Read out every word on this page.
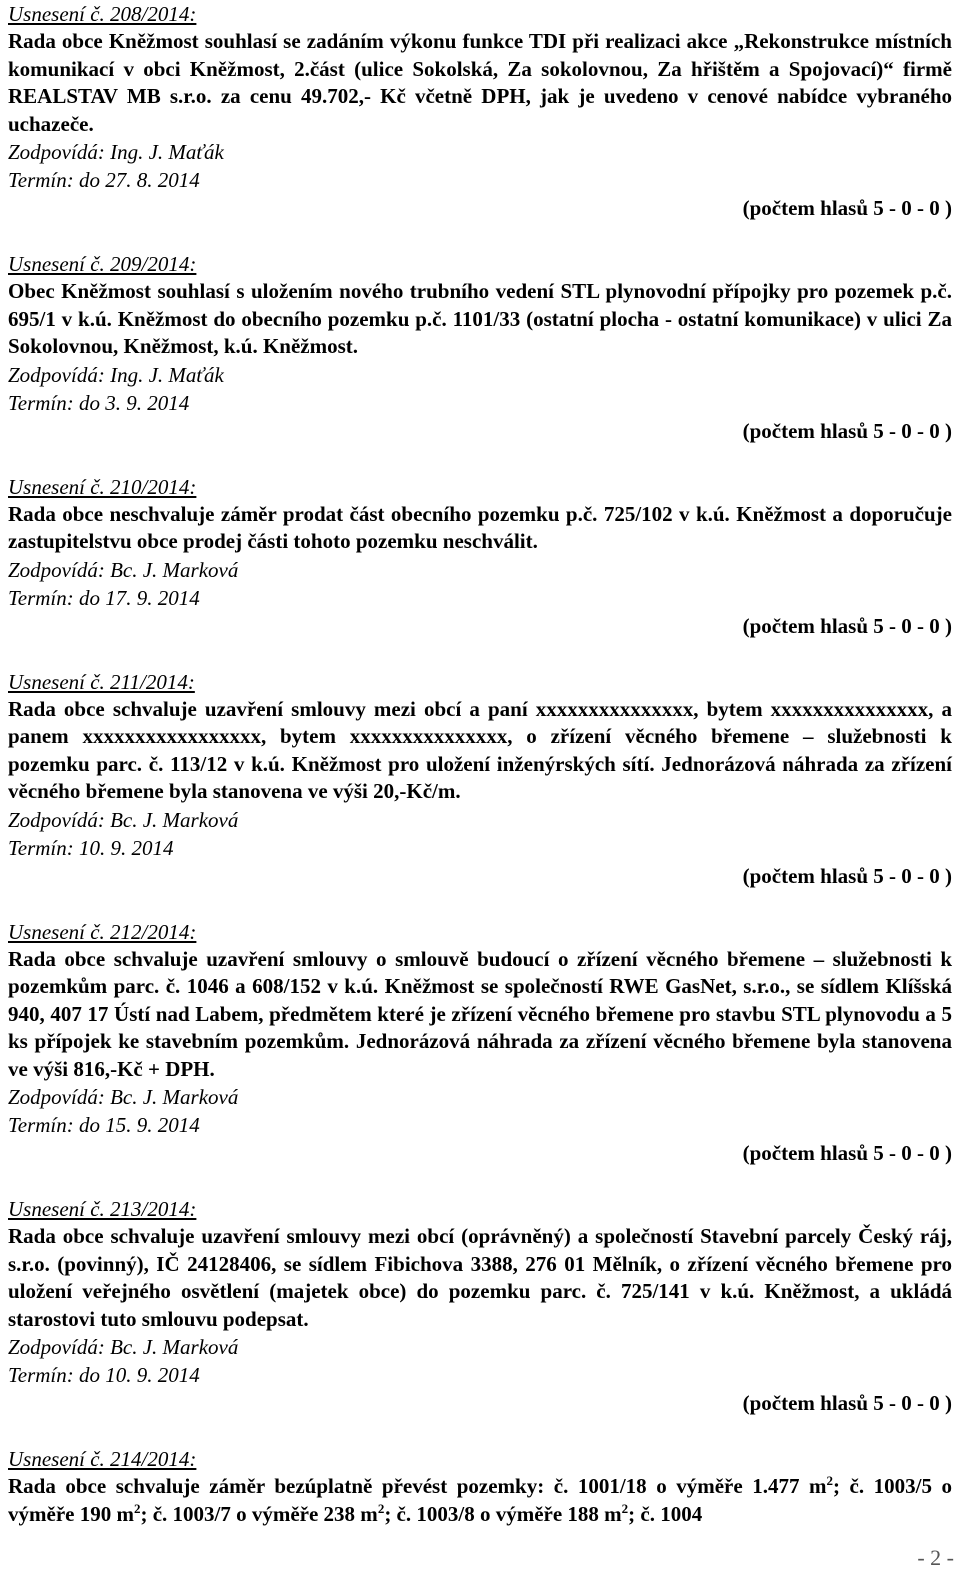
Usnesení č. 208/2014:

Rada obce Kněžmost souhlasí se zadáním výkonu funkce TDI při realizaci akce „Rekonstrukce místních komunikací v obci Kněžmost, 2.část (ulice Sokolská, Za sokolovnou, Za hřištěm a Spojovací)“ firmě REALSTAV MB s.r.o. za cenu 49.702,- Kč včetně DPH, jak je uvedeno v cenové nabídce vybraného uchazeče.

Zodpovídá: Ing. J. Maťák

Termín: do 27. 8. 2014

(počtem hlasů 5 - 0 - 0 )

Usnesení č. 209/2014:

Obec Kněžmost souhlasí s uložením nového trubního vedení STL plynovodní přípojky pro pozemek p.č. 695/1 v k.ú. Kněžmost do obecního pozemku p.č. 1101/33 (ostatní plocha - ostatní komunikace) v ulici Za Sokolovnou, Kněžmost, k.ú. Kněžmost.

Zodpovídá: Ing. J. Maťák

Termín: do 3. 9. 2014

(počtem hlasů 5 - 0 - 0 )

Usnesení č. 210/2014:

Rada obce neschvaluje záměr prodat část obecního pozemku p.č. 725/102 v k.ú. Kněžmost a doporučuje zastupitelstvu obce prodej části tohoto pozemku neschválit.

Zodpovídá: Bc. J. Marková

Termín: do 17. 9. 2014

(počtem hlasů 5 - 0 - 0 )

Usnesení č. 211/2014:

Rada obce schvaluje uzavření smlouvy mezi obcí a paní xxxxxxxxxxxxxxx, bytem xxxxxxxxxxxxxxx, a panem xxxxxxxxxxxxxxxxx, bytem xxxxxxxxxxxxxxx, o zřízení věcného břemene – služebnosti k pozemku parc. č. 113/12 v k.ú. Kněžmost pro uložení inženýrských sítí. Jednorázová náhrada za zřízení věcného břemene byla stanovena ve výši 20,-Kč/m.

Zodpovídá: Bc. J. Marková

Termín: 10. 9. 2014

(počtem hlasů 5 - 0 - 0 )

Usnesení č. 212/2014:

Rada obce schvaluje uzavření smlouvy o smlouvě budoucí o zřízení věcného břemene – služebnosti k pozemkům parc. č. 1046 a 608/152 v k.ú. Kněžmost se společností RWE GasNet, s.r.o., se sídlem Klíšská 940, 407 17 Ústí nad Labem, předmětem které je zřízení věcného břemene pro stavbu STL plynovodu a 5 ks přípojek ke stavebním pozemkům. Jednorázová náhrada za zřízení věcného břemene byla stanovena ve výši 816,-Kč + DPH.

Zodpovídá: Bc. J. Marková

Termín: do 15. 9. 2014

(počtem hlasů 5 - 0 - 0 )

Usnesení č. 213/2014:

Rada obce schvaluje uzavření smlouvy mezi obcí (oprávněný) a společností Stavební parcely Český ráj, s.r.o. (povinný), IČ 24128406, se sídlem Fibichova 3388, 276 01 Mělník, o zřízení věcného břemene pro uložení veřejného osvětlení (majetek obce) do pozemku parc. č. 725/141 v k.ú. Kněžmost, a ukládá starostovi tuto smlouvu podepsat.

Zodpovídá: Bc. J. Marková

Termín: do 10. 9. 2014

(počtem hlasů 5 - 0 - 0 )

Usnesení č. 214/2014:

Rada obce schvaluje záměr bezúplatně převést pozemky: č. 1001/18 o výměře 1.477 $m^2$; č. 1003/5 o výměře 190 $m^2$; č. 1003/7 o výměře 238 $m^2$; č. 1003/8 o výměře 188 $m^2$; č. 1004

- 2 -
